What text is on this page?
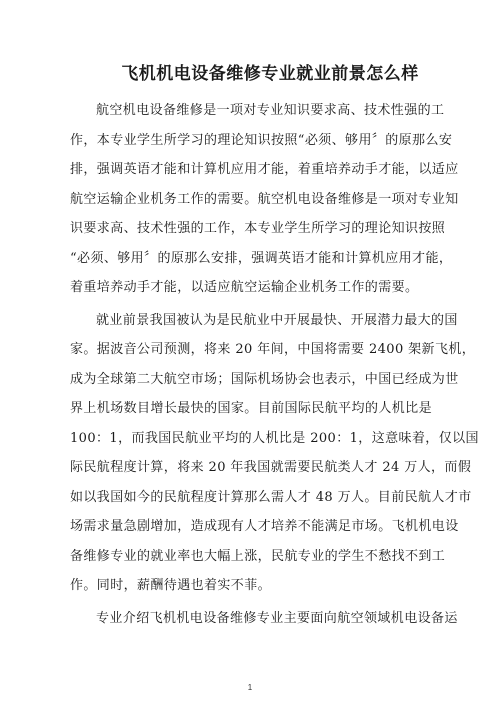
飞机机电设备维修专业就业前景怎么样

航空机电设备维修是一项对专业知识要求高、技术性强的工
作，本专业学生所学习的理论知识按照“必须、够用〞的原那么安
排，强调英语才能和计算机应用才能，着重培养动手才能，以适应
航空运输企业机务工作的需要。航空机电设备维修是一项对专业知
识要求高、技术性强的工作，本专业学生所学习的理论知识按照
“必须、够用〞的原那么安排，强调英语才能和计算机应用才能，
着重培养动手才能，以适应航空运输企业机务工作的需要。

就业前景我国被认为是民航业中开展最快、开展潜力最大的国
家。据波音公司预测，将来 20 年间，中国将需要 2400 架新飞机，
成为全球第二大航空市场；国际机场协会也表示，中国已经成为世
界上机场数目增长最快的国家。目前国际民航平均的人机比是
100：1，而我国民航业平均的人机比是 200：1，这意味着，仅以国
际民航程度计算，将来 20 年我国就需要民航类人才 24 万人，而假
如以我国如今的民航程度计算那么需人才 48 万人。目前民航人才市
场需求量急剧增加，造成现有人才培养不能满足市场。飞机机电设
备维修专业的就业率也大幅上涨，民航专业的学生不愁找不到工
作。同时，薪酬待遇也着实不菲。

专业介绍飞机机电设备维修专业主要面向航空领域机电设备运

1
